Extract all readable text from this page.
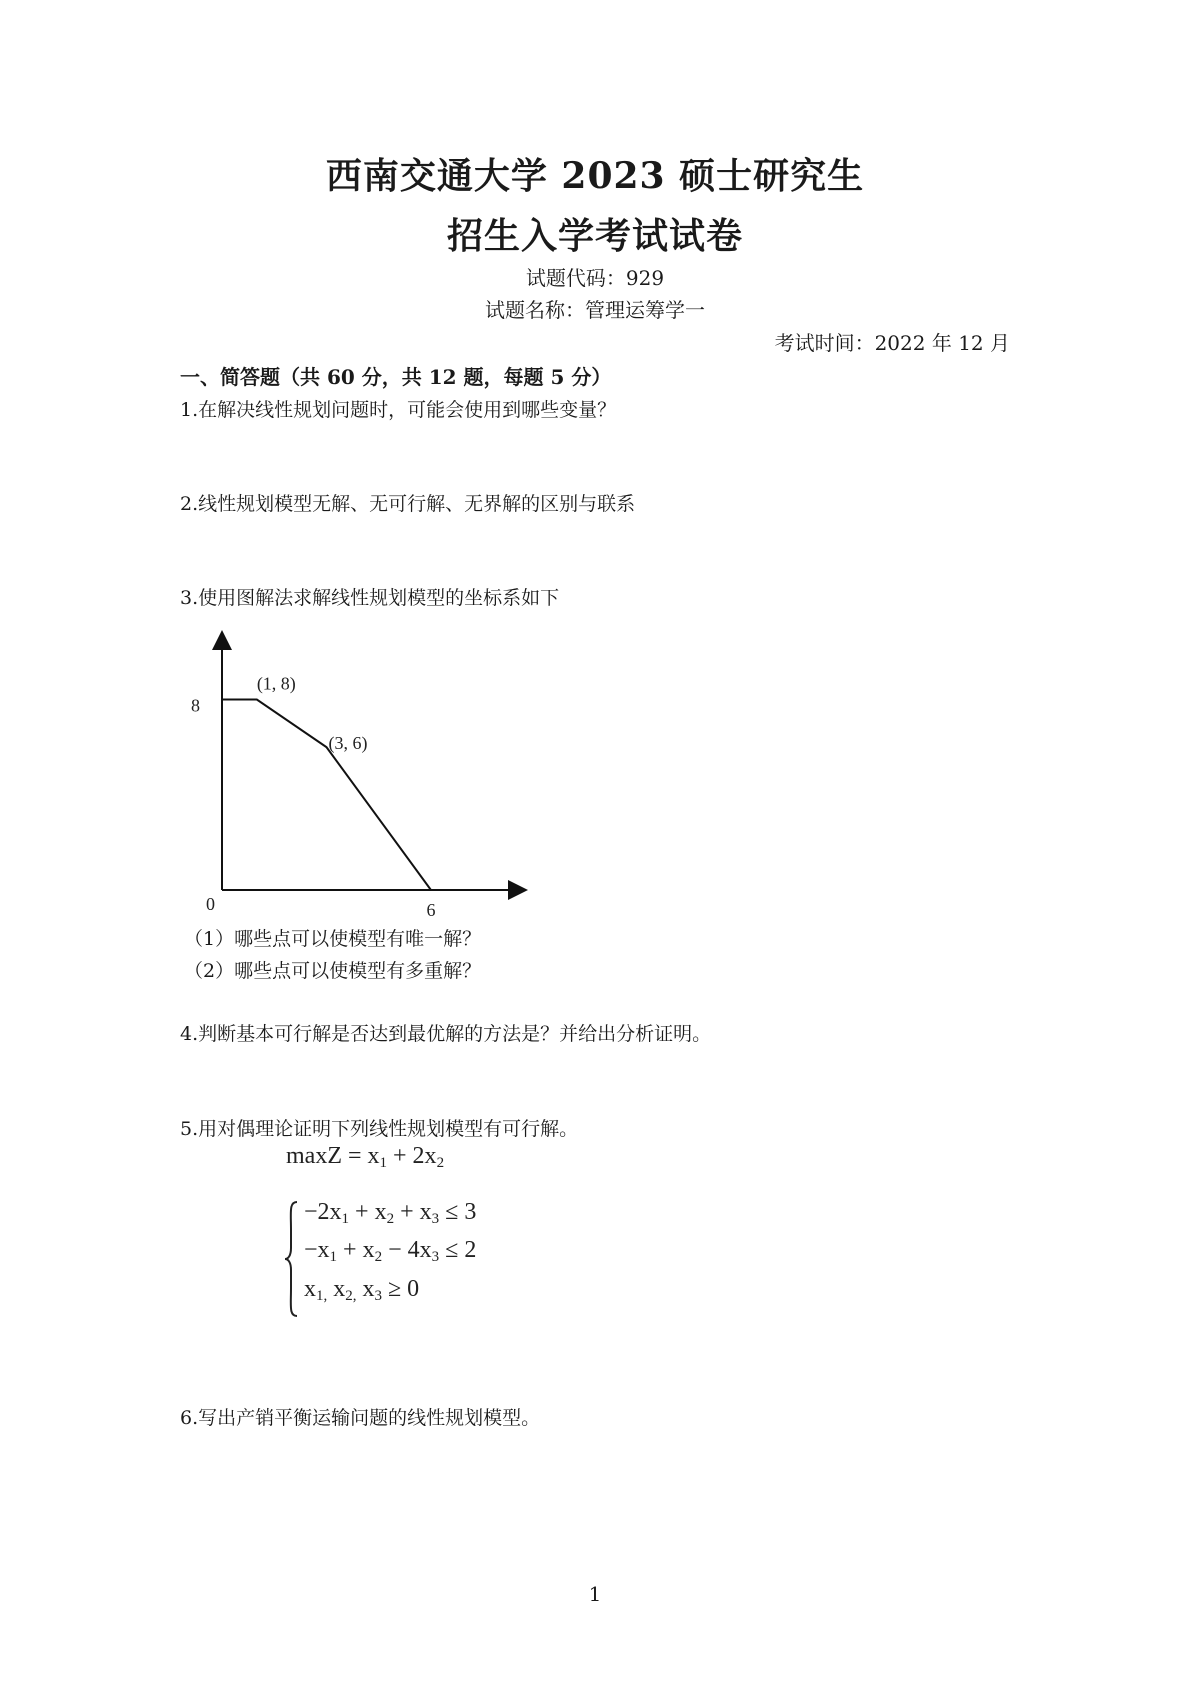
西南交通大学 2023 硕士研究生
招生入学考试试卷
试题代码：929
试题名称：管理运筹学一
考试时间：2022 年 12 月
一、简答题（共 60 分，共 12 题，每题 5 分）
1.在解决线性规划问题时，可能会使用到哪些变量？
2.线性规划模型无解、无可行解、无界解的区别与联系
3.使用图解法求解线性规划模型的坐标系如下
(1, 8)
(3, 6)
8
0	6
（1）哪些点可以使模型有唯一解？
（2）哪些点可以使模型有多重解？
4.判断基本可行解是否达到最优解的方法是？并给出分析证明。
5.用对偶理论证明下列线性规划模型有可行解。
$\max Z = x_1 + 2x_2$
$-2x_1 + x_2 + x_3 \le 3$
$-x_1 + x_2 - 4x_3 \le 2$
$x_{1,}$ $x_{2,}$ $x_3 \ge 0$
6.写出产销平衡运输问题的线性规划模型。
1
